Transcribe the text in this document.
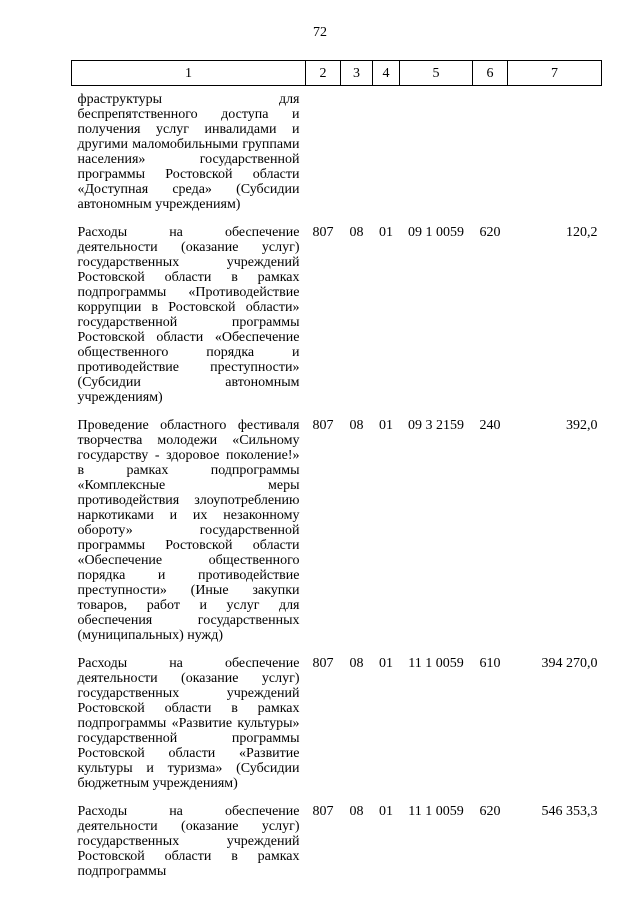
72
1	2	3	4	5	6	7
фраструктуры для беспрепятственного доступа и получения услуг инвалидами и другими маломобильными группами населения» государственной программы Ростовской области «Доступная среда» (Субсидии автономным учреждениям)						
Расходы на обеспечение деятельности (оказание услуг) государственных учреждений Ростовской области в рамках подпрограммы «Противодействие коррупции в Ростовской области» государственной программы Ростовской области «Обеспечение общественного порядка и противодействие преступности» (Субсидии автономным учреждениям)	807	08	01	09 1 0059	620	120,2
Проведение областного фестиваля творчества молодежи «Сильному государству - здоровое поколение!» в рамках подпрограммы «Комплексные меры противодействия злоупотреблению наркотиками и их незаконному обороту» государственной программы Ростовской области «Обеспечение общественного порядка и противодействие преступности» (Иные закупки товаров, работ и услуг для обеспечения государственных (муниципальных) нужд)	807	08	01	09 3 2159	240	392,0
Расходы на обеспечение деятельности (оказание услуг) государственных учреждений Ростовской области в рамках подпрограммы «Развитие культуры» государственной программы Ростовской области «Развитие культуры и туризма» (Субсидии бюджетным учреждениям)	807	08	01	11 1 0059	610	394 270,0
Расходы на обеспечение деятельности (оказание услуг) государственных учреждений Ростовской области в рамках подпрограммы	807	08	01	11 1 0059	620	546 353,3
